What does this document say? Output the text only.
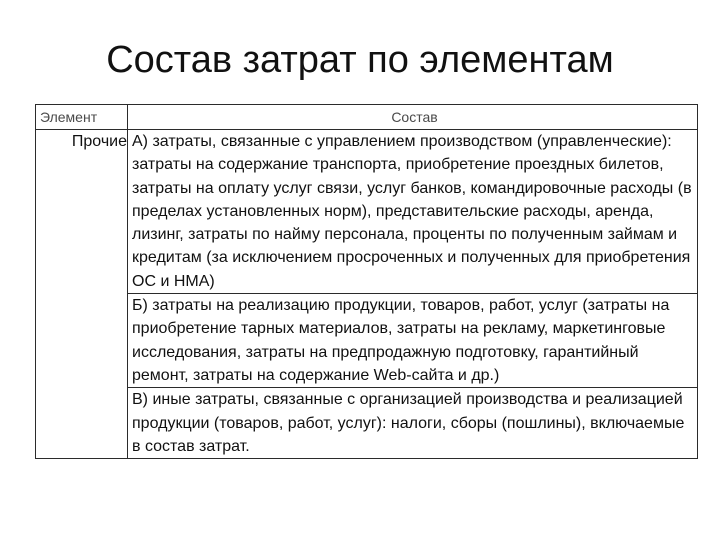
Состав затрат по элементам
Элемент	Состав
Прочие	А) затраты, связанные с управлением производством (управленческие): затраты на содержание транспорта, приобретение проездных билетов, затраты на оплату услуг связи, услуг банков, командировочные расходы (в пределах установленных норм), представительские расходы, аренда, лизинг, затраты по найму персонала, проценты по полученным займам и кредитам (за исключением просроченных и полученных для приобретения ОС и НМА)
	Б) затраты на реализацию продукции, товаров, работ, услуг (затраты на приобретение тарных материалов, затраты на рекламу, маркетинговые исследования, затраты на предпродажную подготовку, гарантийный ремонт, затраты на содержание Web-сайта и др.)
	В) иные затраты, связанные с организацией производства и реализацией продукции (товаров, работ, услуг): налоги, сборы (пошлины), включаемые в состав затрат.
